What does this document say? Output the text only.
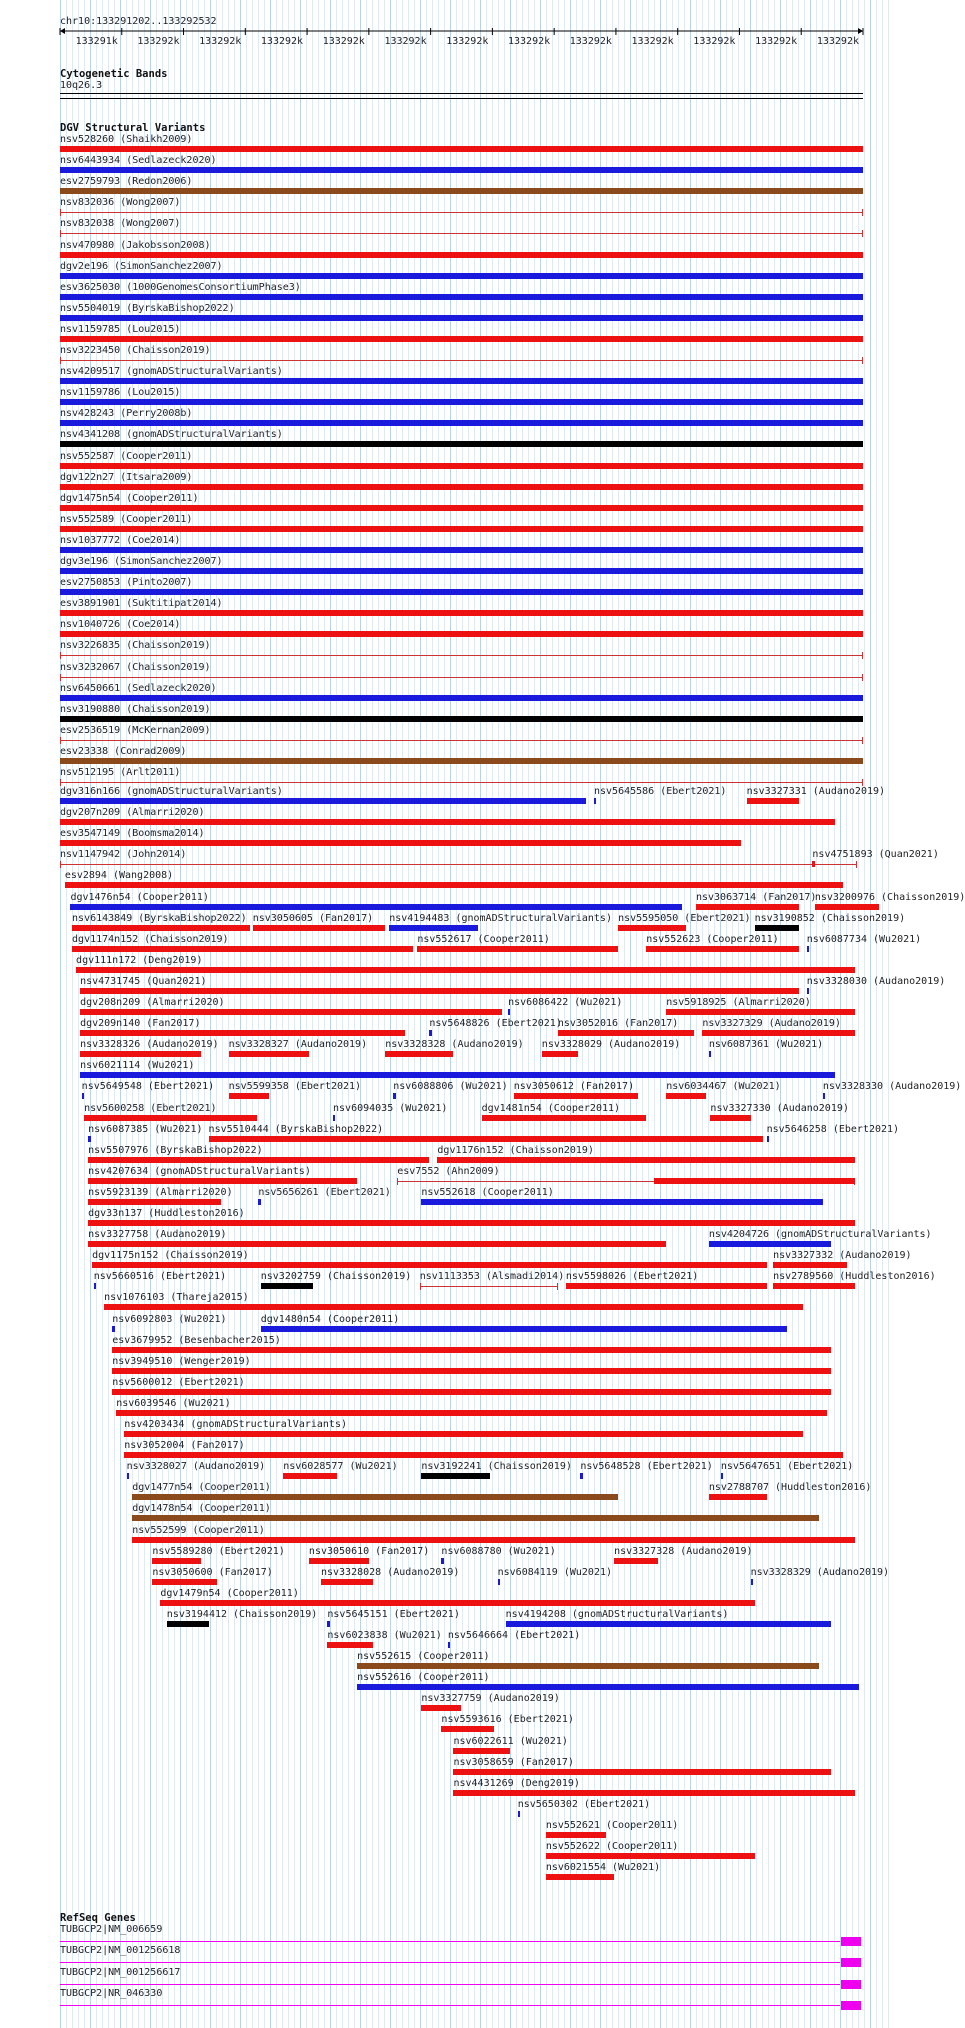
chr10:133291202..133292532
133291k 133292k 133292k 133292k 133292k 133292k 133292k 133292k 133292k 133292k 133292k 133292k 133292k
Cytogenetic Bands
10q26.3
DGV Structural Variants
nsv528260 (Shaikh2009)
nsv6443934 (Sedlazeck2020)
esv2759793 (Redon2006)
nsv832036 (Wong2007)
nsv832038 (Wong2007)
nsv470980 (Jakobsson2008)
dgv2e196 (SimonSanchez2007)
esv3625030 (1000GenomesConsortiumPhase3)
nsv5504019 (ByrskaBishop2022)
nsv1159785 (Lou2015)
nsv3223450 (Chaisson2019)
nsv4209517 (gnomADStructuralVariants)
nsv1159786 (Lou2015)
nsv428243 (Perry2008b)
nsv4341208 (gnomADStructuralVariants)
nsv552587 (Cooper2011)
dgv122n27 (Itsara2009)
dgv1475n54 (Cooper2011)
nsv552589 (Cooper2011)
nsv1037772 (Coe2014)
dgv3e196 (SimonSanchez2007)
esv2750853 (Pinto2007)
esv3891901 (Suktitipat2014)
nsv1040726 (Coe2014)
nsv3226835 (Chaisson2019)
nsv3232067 (Chaisson2019)
nsv6450661 (Sedlazeck2020)
nsv3190880 (Chaisson2019)
esv2536519 (McKernan2009)
esv23338 (Conrad2009)
nsv512195 (Arlt2011)
dgv316n166 (gnomADStructuralVariants)	nsv5645586 (Ebert2021) nsv3327331 (Audano2019)
dgv207n209 (Almarri2020)
esv3547149 (Boomsma2014)
nsv1147942 (John2014)	nsv4751893 (Quan2021)
esv2894 (Wang2008)
dgv1476n54 (Cooper2011)	nsv3063714 (Fan2017)
nsv3200976 (Chaisson2019)
nsv6143849 (ByrskaBishop2022) nsv3050605 (Fan2017) nsv4194483 (gnomADStructuralVariants) nsv5595050 (Ebert2021) nsv3190852 (Chaisson2019)
dgv1174n152 (Chaisson2019)	nsv552617 (Cooper2011)	nsv552623 (Cooper2011)	nsv6087734 (Wu2021)
dgv111n172 (Deng2019)
nsv4731745 (Quan2021)	nsv3328030 (Audano2019)
dgv208n209 (Almarri2020)	nsv6086422 (Wu2021)	nsv5918925 (Almarri2020)
dgv209n140 (Fan2017)	nsv5648826 (Ebert2021)
nsv3052016 (Fan2017) nsv3327329 (Audano2019)
nsv3328326 (Audano2019) nsv3328327 (Audano2019) nsv3328328 (Audano2019) nsv3328029 (Audano2019)	nsv6087361 (Wu2021)
nsv6021114 (Wu2021)
nsv5649548 (Ebert2021) nsv5599358 (Ebert2021)	nsv6088806 (Wu2021) nsv3050612 (Fan2017)	nsv6034467 (Wu2021)	nsv3328330 (Audano2019)
nsv5600258 (Ebert2021)	nsv6094035 (Wu2021)	dgv1481n54 (Cooper2011)	nsv3327330 (Audano2019)
nsv6087385 (Wu2021) nsv5510444 (ByrskaBishop2022)	nsv5646258 (Ebert2021)
nsv5507976 (ByrskaBishop2022)	dgv1176n152 (Chaisson2019)
nsv4207634 (gnomADStructuralVariants)	esv7552 (Ahn2009)
nsv5923139 (Almarri2020)	nsv5656261 (Ebert2021)	nsv552618 (Cooper2011)
dgv33n137 (Huddleston2016)
nsv3327758 (Audano2019)	nsv4204726 (gnomADStructuralVariants)
dgv1175n152 (Chaisson2019)	nsv3327332 (Audano2019)
nsv5660516 (Ebert2021)	nsv3202759 (Chaisson2019) nsv1113353 (Alsmadi2014) nsv5598026 (Ebert2021)	nsv2789560 (Huddleston2016)
nsv1076103 (Thareja2015)
nsv6092803 (Wu2021)	dgv1480n54 (Cooper2011)
esv3679952 (Besenbacher2015)
nsv3949510 (Wenger2019)
nsv5600012 (Ebert2021)
nsv6039546 (Wu2021)
nsv4203434 (gnomADStructuralVariants)
nsv3052004 (Fan2017)
nsv3328027 (Audano2019) nsv6028577 (Wu2021) nsv3192241 (Chaisson2019) nsv5648528 (Ebert2021) nsv5647651 (Ebert2021)
dgv1477n54 (Cooper2011)	nsv2788707 (Huddleston2016)
dgv1478n54 (Cooper2011)
nsv552599 (Cooper2011)
nsv5589280 (Ebert2021) nsv3050610 (Fan2017) nsv6088780 (Wu2021)	nsv3327328 (Audano2019)
nsv3050600 (Fan2017)	nsv3328028 (Audano2019)	nsv6084119 (Wu2021)	nsv3328329 (Audano2019)
dgv1479n54 (Cooper2011)
nsv3194412 (Chaisson2019) nsv5645151 (Ebert2021)	nsv4194208 (gnomADStructuralVariants)
nsv6023838 (Wu2021) nsv5646664 (Ebert2021)
nsv552615 (Cooper2011)
nsv552616 (Cooper2011)
nsv3327759 (Audano2019)
nsv5593616 (Ebert2021)
nsv6022611 (Wu2021)
nsv3058659 (Fan2017)
nsv4431269 (Deng2019)
nsv5650302 (Ebert2021)
nsv552621 (Cooper2011)
nsv552622 (Cooper2011)
nsv6021554 (Wu2021)
RefSeq Genes
TUBGCP2|NM_006659
TUBGCP2|NM_001256618
TUBGCP2|NM_001256617
TUBGCP2|NR_046330
